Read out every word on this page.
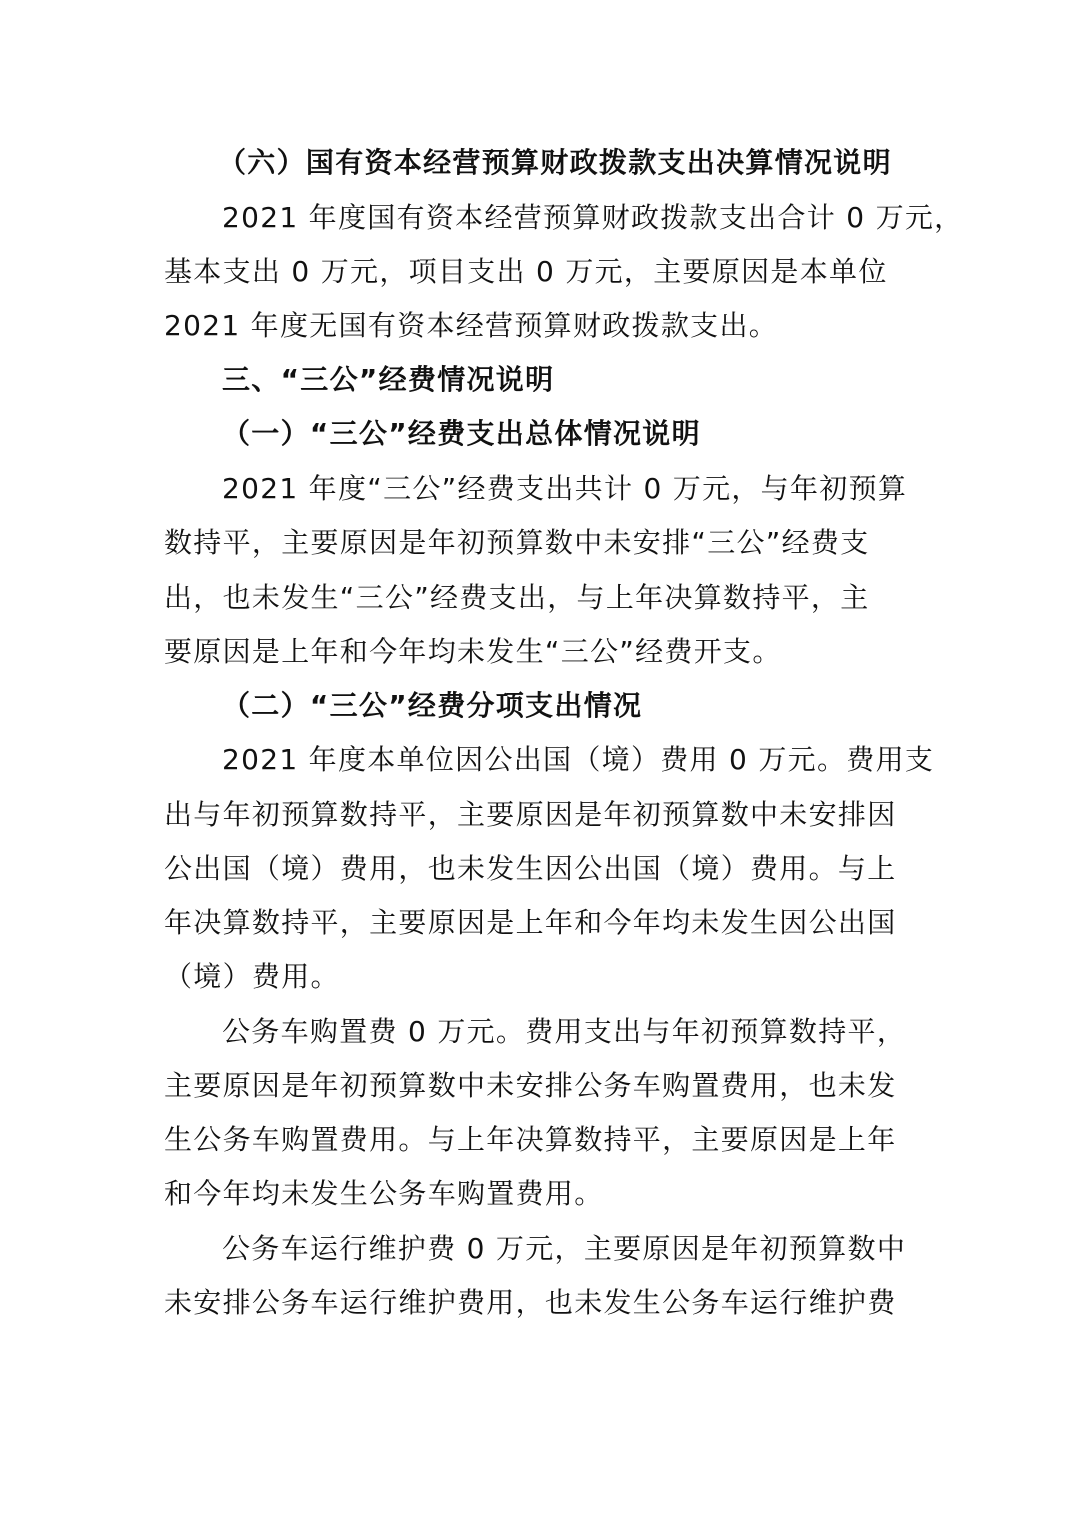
（六）国有资本经营预算财政拨款支出决算情况说明
2021 年度国有资本经营预算财政拨款支出合计 0 万元，
基本支出 0 万元，项目支出 0 万元，主要原因是本单位
2021 年度无国有资本经营预算财政拨款支出。
三、“三公”经费情况说明
（一）“三公”经费支出总体情况说明
2021 年度“三公”经费支出共计 0 万元，与年初预算
数持平，主要原因是年初预算数中未安排“三公”经费支
出，也未发生“三公”经费支出，与上年决算数持平，主
要原因是上年和今年均未发生“三公”经费开支。
（二）“三公”经费分项支出情况
2021 年度本单位因公出国（境）费用 0 万元。费用支
出与年初预算数持平，主要原因是年初预算数中未安排因
公出国（境）费用，也未发生因公出国（境）费用。与上
年决算数持平，主要原因是上年和今年均未发生因公出国
（境）费用。
公务车购置费 0 万元。费用支出与年初预算数持平，
主要原因是年初预算数中未安排公务车购置费用，也未发
生公务车购置费用。与上年决算数持平，主要原因是上年
和今年均未发生公务车购置费用。
公务车运行维护费 0 万元，主要原因是年初预算数中
未安排公务车运行维护费用，也未发生公务车运行维护费
